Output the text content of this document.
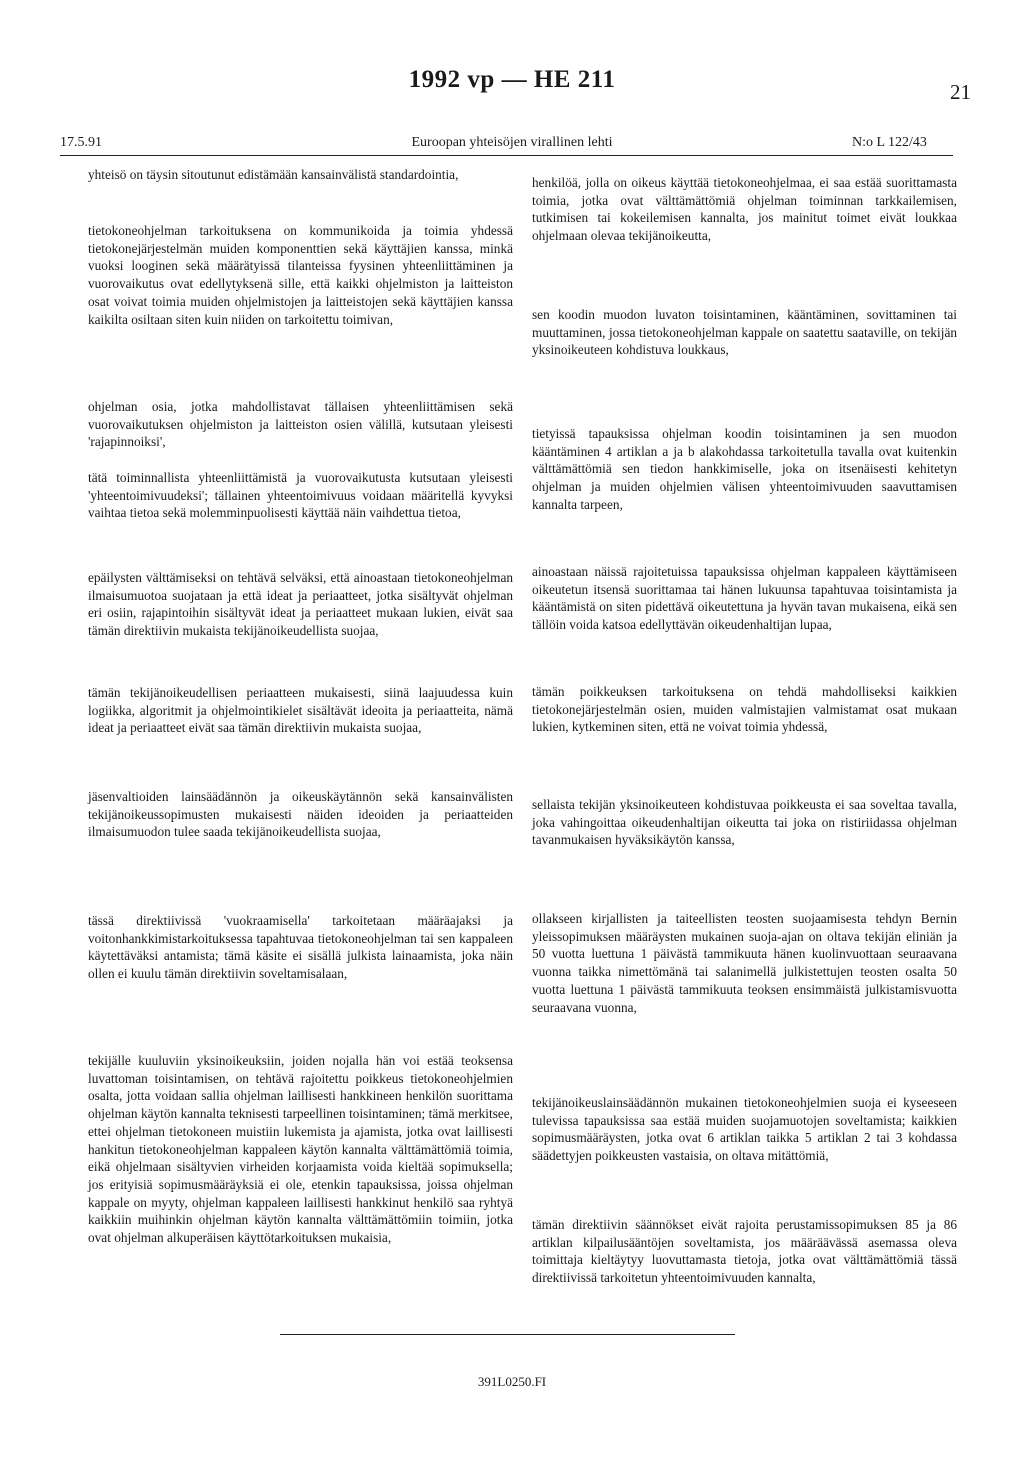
1992 vp — HE 211	21
17.5.91	Euroopan yhteisöjen virallinen lehti	N:o L 122/43

yhteisö on täysin sitoutunut edistämään kansainvälistä standardointia,

tietokoneohjelman tarkoituksena on kommunikoida ja toimia yhdessä tietokonejärjestelmän muiden komponenttien sekä käyttäjien kanssa, minkä vuoksi looginen sekä määrätyissä tilanteissa fyysinen yhteenliittäminen ja vuorovaikutus ovat edellytyksenä sille, että kaikki ohjelmiston ja laitteiston osat voivat toimia muiden ohjelmistojen ja laitteistojen sekä käyttäjien kanssa kaikilta osiltaan siten kuin niiden on tarkoitettu toimivan,

ohjelman osia, jotka mahdollistavat tällaisen yhteenliittämisen sekä vuorovaikutuksen ohjelmiston ja laitteiston osien välillä, kutsutaan yleisesti 'rajapinnoiksi',

tätä toiminnallista yhteenliittämistä ja vuorovaikutusta kutsutaan yleisesti 'yhteentoimivuudeksi'; tällainen yhteentoimivuus voidaan määritellä kyvyksi vaihtaa tietoa sekä molemminpuolisesti käyttää näin vaihdettua tietoa,

epäilysten välttämiseksi on tehtävä selväksi, että ainoastaan tietokoneohjelman ilmaisumuotoa suojataan ja että ideat ja periaatteet, jotka sisältyvät ohjelman eri osiin, rajapintoihin sisältyvät ideat ja periaatteet mukaan lukien, eivät saa tämän direktiivin mukaista tekijänoikeudellista suojaa,

tämän tekijänoikeudellisen periaatteen mukaisesti, siinä laajuudessa kuin logiikka, algoritmit ja ohjelmointikielet sisältävät ideoita ja periaatteita, nämä ideat ja periaatteet eivät saa tämän direktiivin mukaista suojaa,

jäsenvaltioiden lainsäädännön ja oikeuskäytännön sekä kansainvälisten tekijänoikeussopimusten mukaisesti näiden ideoiden ja periaatteiden ilmaisumuodon tulee saada tekijänoikeudellista suojaa,

tässä direktiivissä 'vuokraamisella' tarkoitetaan määräajaksi ja voitonhankkimistarkoituksessa tapahtuvaa tietokoneohjelman tai sen kappaleen käytettäväksi antamista; tämä käsite ei sisällä julkista lainaamista, joka näin ollen ei kuulu tämän direktiivin soveltamisalaan,

tekijälle kuuluviin yksinoikeuksiin, joiden nojalla hän voi estää teoksensa luvattoman toisintamisen, on tehtävä rajoitettu poikkeus tietokoneohjelmien osalta, jotta voidaan sallia ohjelman laillisesti hankkineen henkilön suorittama ohjelman käytön kannalta teknisesti tarpeellinen toisintaminen; tämä merkitsee, ettei ohjelman tietokoneen muistiin lukemista ja ajamista, jotka ovat laillisesti hankitun tietokoneohjelman kappaleen käytön kannalta välttämättömiä toimia, eikä ohjelmaan sisältyvien virheiden korjaamista voida kieltää sopimuksella; jos erityisiä sopimusmääräyksiä ei ole, etenkin tapauksissa, joissa ohjelman kappale on myyty, ohjelman kappaleen laillisesti hankkinut henkilö saa ryhtyä kaikkiin muihinkin ohjelman käytön kannalta välttämättömiin toimiin, jotka ovat ohjelman alkuperäisen käyttötarkoituksen mukaisia,

henkilöä, jolla on oikeus käyttää tietokoneohjelmaa, ei saa estää suorittamasta toimia, jotka ovat välttämättömiä ohjelman toiminnan tarkkailemisen, tutkimisen tai kokeilemisen kannalta, jos mainitut toimet eivät loukkaa ohjelmaan olevaa tekijänoikeutta,

sen koodin muodon luvaton toisintaminen, kääntäminen, sovittaminen tai muuttaminen, jossa tietokoneohjelman kappale on saatettu saataville, on tekijän yksinoikeuteen kohdistuva loukkaus,

tietyissä tapauksissa ohjelman koodin toisintaminen ja sen muodon kääntäminen 4 artiklan a ja b alakohdassa tarkoitetulla tavalla ovat kuitenkin välttämättömiä sen tiedon hankkimiselle, joka on itsenäisesti kehitetyn ohjelman ja muiden ohjelmien välisen yhteentoimivuuden saavuttamisen kannalta tarpeen,

ainoastaan näissä rajoitetuissa tapauksissa ohjelman kappaleen käyttämiseen oikeutetun itsensä suorittamaa tai hänen lukuunsa tapahtuvaa toisintamista ja kääntämistä on siten pidettävä oikeutettuna ja hyvän tavan mukaisena, eikä sen tällöin voida katsoa edellyttävän oikeudenhaltijan lupaa,

tämän poikkeuksen tarkoituksena on tehdä mahdolliseksi kaikkien tietokonejärjestelmän osien, muiden valmistajien valmistamat osat mukaan lukien, kytkeminen siten, että ne voivat toimia yhdessä,

sellaista tekijän yksinoikeuteen kohdistuvaa poikkeusta ei saa soveltaa tavalla, joka vahingoittaa oikeudenhaltijan oikeutta tai joka on ristiriidassa ohjelman tavanmukaisen hyväksikäytön kanssa,

ollakseen kirjallisten ja taiteellisten teosten suojaamisesta tehdyn Bernin yleissopimuksen määräysten mukainen suoja-ajan on oltava tekijän eliniän ja 50 vuotta luettuna 1 päivästä tammikuuta hänen kuolinvuottaan seuraavana vuonna taikka nimettömänä tai salanimellä julkistettujen teosten osalta 50 vuotta luettuna 1 päivästä tammikuuta teoksen ensimmäistä julkistamisvuotta seuraavana vuonna,

tekijänoikeuslainsäädännön mukainen tietokoneohjelmien suoja ei kyseeseen tulevissa tapauksissa saa estää muiden suojamuotojen soveltamista; kaikkien sopimusmääräysten, jotka ovat 6 artiklan taikka 5 artiklan 2 tai 3 kohdassa säädettyjen poikkeusten vastaisia, on oltava mitättömiä,

tämän direktiivin säännökset eivät rajoita perustamissopimuksen 85 ja 86 artiklan kilpailusääntöjen soveltamista, jos määräävässä asemassa oleva toimittaja kieltäytyy luovuttamasta tietoja, jotka ovat välttämättömiä tässä direktiivissä tarkoitetun yhteentoimivuuden kannalta,

391L0250.FI
